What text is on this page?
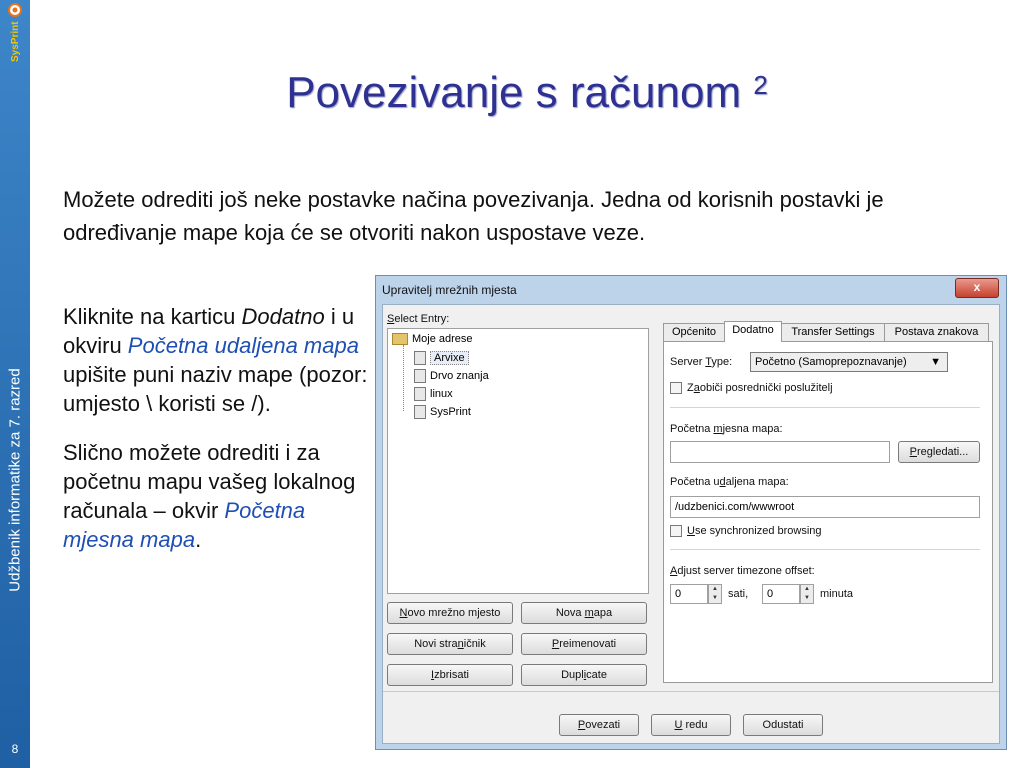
SysPrint
Udžbenik informatike za 7. razred
8
Povezivanje s računom $^2$
Možete odrediti još neke postavke načina povezivanja. Jedna od korisnih postavki je određivanje mape koja će se otvoriti nakon uspostave veze.

Kliknite na karticu Dodatno i u okviru Početna udaljena mapa upišite puni naziv mape (pozor: umjesto \ koristi se /).

Slično možete odrediti i za početnu mapu vašeg lokalnog računala – okvir Početna mjesna mapa.

Upravitelj mrežnih mjesta	x
Select Entry:
Moje adrese
Arvixe
Drvo znanja
linux
SysPrint
Novo mrežno mjesto	Nova mapa
Novi straničnik	Preimenovati
Izbrisati	Duplicate
Općenito	Dodatno	Transfer Settings	Postava znakova
Server Type:	Početno (Samoprepoznavanje) ▼
Zaobiči posrednički poslužitelj
Početna mjesna mapa:
Pregledati...
Početna udaljena mapa:
/udzbenici.com/wwwroot
Use synchronized browsing
Adjust server timezone offset:
0	▲
▼ sati,	0	▲
▼ minuta
Povezati	U redu	Odustati
